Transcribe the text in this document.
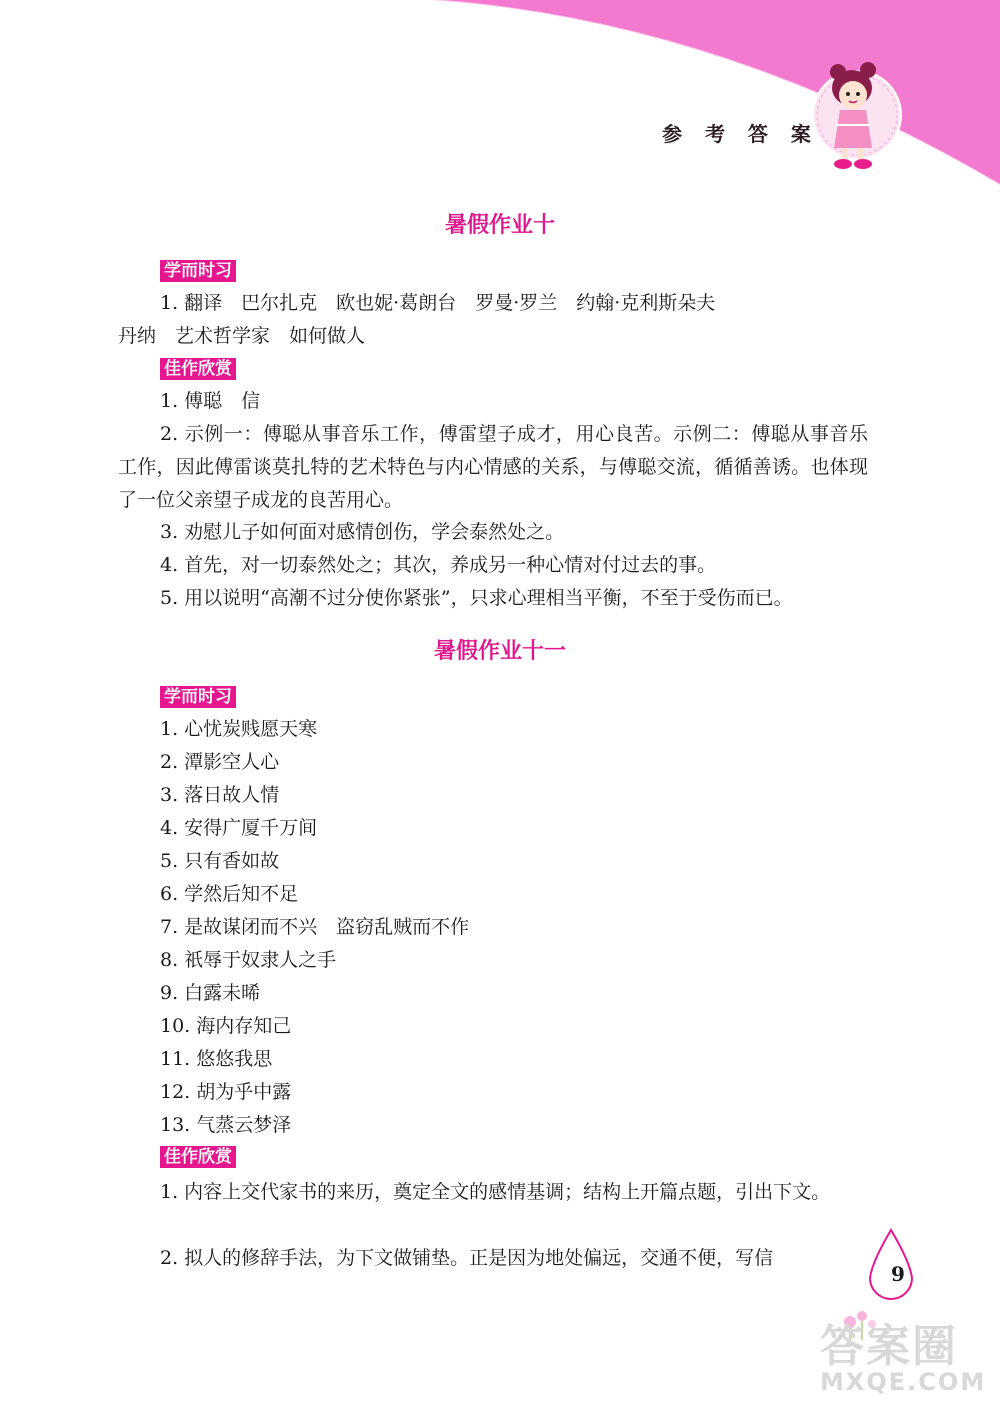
参 考 答 案
暑假作业十
学而时习
1. 翻译　巴尔扎克　欧也妮·葛朗台　罗曼·罗兰　约翰·克利斯朵夫
丹纳　艺术哲学家　如何做人
佳作欣赏
1. 傅聪　信
2. 示例一：傅聪从事音乐工作，傅雷望子成才，用心良苦。示例二：傅聪从事音乐工作，因此傅雷谈莫扎特的艺术特色与内心情感的关系，与傅聪交流，循循善诱。也体现了一位父亲望子成龙的良苦用心。
3. 劝慰儿子如何面对感情创伤，学会泰然处之。
4. 首先，对一切泰然处之；其次，养成另一种心情对付过去的事。
5. 用以说明“高潮不过分使你紧张”，只求心理相当平衡，不至于受伤而已。
暑假作业十一
学而时习
1. 心忧炭贱愿天寒
2. 潭影空人心
3. 落日故人情
4. 安得广厦千万间
5. 只有香如故
6. 学然后知不足
7. 是故谋闭而不兴　盗窃乱贼而不作
8. 祇辱于奴隶人之手
9. 白露未晞
10. 海内存知己
11. 悠悠我思
12. 胡为乎中露
13. 气蒸云梦泽
佳作欣赏
1. 内容上交代家书的来历，奠定全文的感情基调；结构上开篇点题，引出下文。
2. 拟人的修辞手法，为下文做铺垫。正是因为地处偏远，交通不便，写信
9
答案圈
MXQE.COM
